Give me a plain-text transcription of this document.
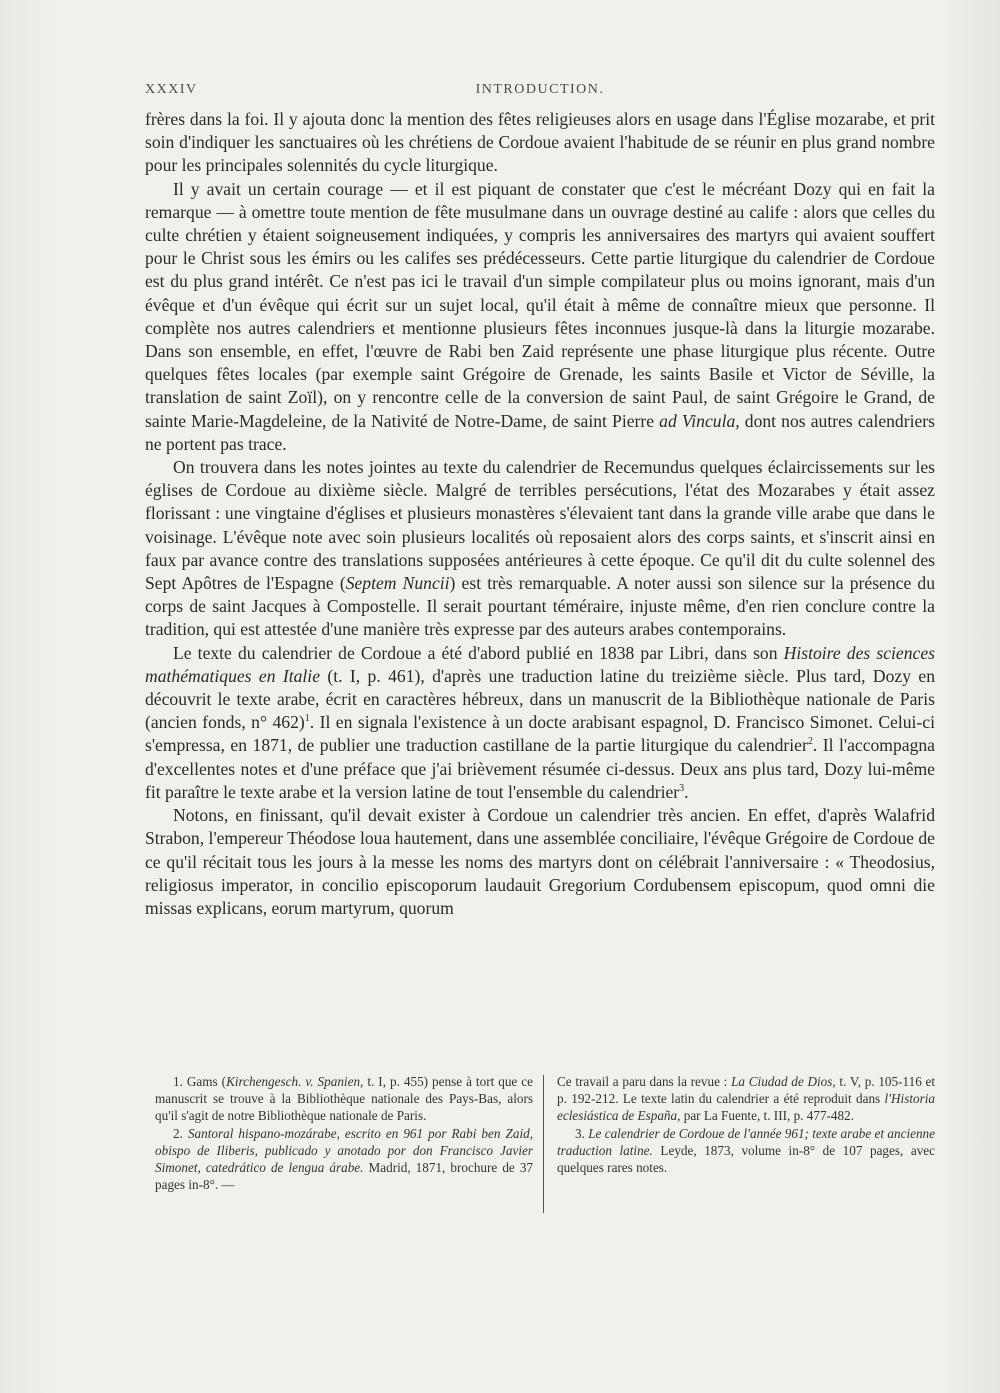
XXXIV	INTRODUCTION.

frères dans la foi. Il y ajouta donc la mention des fêtes religieuses alors en usage dans l'Église mozarabe, et prit soin d'indiquer les sanctuaires où les chrétiens de Cordoue avaient l'habitude de se réunir en plus grand nombre pour les principales solennités du cycle liturgique.

Il y avait un certain courage — et il est piquant de constater que c'est le mécréant Dozy qui en fait la remarque — à omettre toute mention de fête musulmane dans un ouvrage destiné au calife : alors que celles du culte chrétien y étaient soigneusement indiquées, y compris les anniversaires des martyrs qui avaient souffert pour le Christ sous les émirs ou les califes ses prédécesseurs. Cette partie liturgique du calendrier de Cordoue est du plus grand intérêt. Ce n'est pas ici le travail d'un simple compilateur plus ou moins ignorant, mais d'un évêque et d'un évêque qui écrit sur un sujet local, qu'il était à même de connaître mieux que personne. Il complète nos autres calendriers et mentionne plusieurs fêtes inconnues jusque-là dans la liturgie mozarabe. Dans son ensemble, en effet, l'œuvre de Rabi ben Zaid représente une phase liturgique plus récente. Outre quelques fêtes locales (par exemple saint Grégoire de Grenade, les saints Basile et Victor de Séville, la translation de saint Zoïl), on y rencontre celle de la conversion de saint Paul, de saint Grégoire le Grand, de sainte Marie-Magdeleine, de la Nativité de Notre-Dame, de saint Pierre ad Vincula, dont nos autres calendriers ne portent pas trace.

On trouvera dans les notes jointes au texte du calendrier de Recemundus quelques éclaircissements sur les églises de Cordoue au dixième siècle. Malgré de terribles persécutions, l'état des Mozarabes y était assez florissant : une vingtaine d'églises et plusieurs monastères s'élevaient tant dans la grande ville arabe que dans le voisinage. L'évêque note avec soin plusieurs localités où reposaient alors des corps saints, et s'inscrit ainsi en faux par avance contre des translations supposées antérieures à cette époque. Ce qu'il dit du culte solennel des Sept Apôtres de l'Espagne (Septem Nuncii) est très remarquable. A noter aussi son silence sur la présence du corps de saint Jacques à Compostelle. Il serait pourtant téméraire, injuste même, d'en rien conclure contre la tradition, qui est attestée d'une manière très expresse par des auteurs arabes contemporains.

Le texte du calendrier de Cordoue a été d'abord publié en 1838 par Libri, dans son Histoire des sciences mathématiques en Italie (t. I, p. 461), d'après une traduction latine du treizième siècle. Plus tard, Dozy en découvrit le texte arabe, écrit en caractères hébreux, dans un manuscrit de la Bibliothèque nationale de Paris (ancien fonds, n° 462)$^1$. Il en signala l'existence à un docte arabisant espagnol, D. Francisco Simonet. Celui-ci s'empressa, en 1871, de publier une traduction castillane de la partie liturgique du calendrier$^2$. Il l'accompagna d'excellentes notes et d'une préface que j'ai brièvement résumée ci-dessus. Deux ans plus tard, Dozy lui-même fit paraître le texte arabe et la version latine de tout l'ensemble du calendrier$^3$.

Notons, en finissant, qu'il devait exister à Cordoue un calendrier très ancien. En effet, d'après Walafrid Strabon, l'empereur Théodose loua hautement, dans une assemblée conciliaire, l'évêque Grégoire de Cordoue de ce qu'il récitait tous les jours à la messe les noms des martyrs dont on célébrait l'anniversaire : « Theodosius, religiosus imperator, in concilio episcoporum laudauit Gregorium Cordubensem episcopum, quod omni die missas explicans, eorum martyrum, quorum

1. Gams (Kirchengesch. v. Spanien, t. I, p. 455) pense à tort que ce manuscrit se trouve à la Bibliothèque nationale des Pays-Bas, alors qu'il s'agit de notre Bibliothèque nationale de Paris.

2. Santoral hispano-mozárabe, escrito en 961 por Rabi ben Zaid, obispo de Iliberis, publicado y anotado por don Francisco Javier Simonet, catedrático de lengua árabe. Madrid, 1871, brochure de 37 pages in-8°. —

Ce travail a paru dans la revue : La Ciudad de Dios, t. V, p. 105-116 et p. 192-212. Le texte latin du calendrier a été reproduit dans l'Historia eclesiástica de España, par La Fuente, t. III, p. 477-482.

3. Le calendrier de Cordoue de l'année 961; texte arabe et ancienne traduction latine. Leyde, 1873, volume in-8° de 107 pages, avec quelques rares notes.
